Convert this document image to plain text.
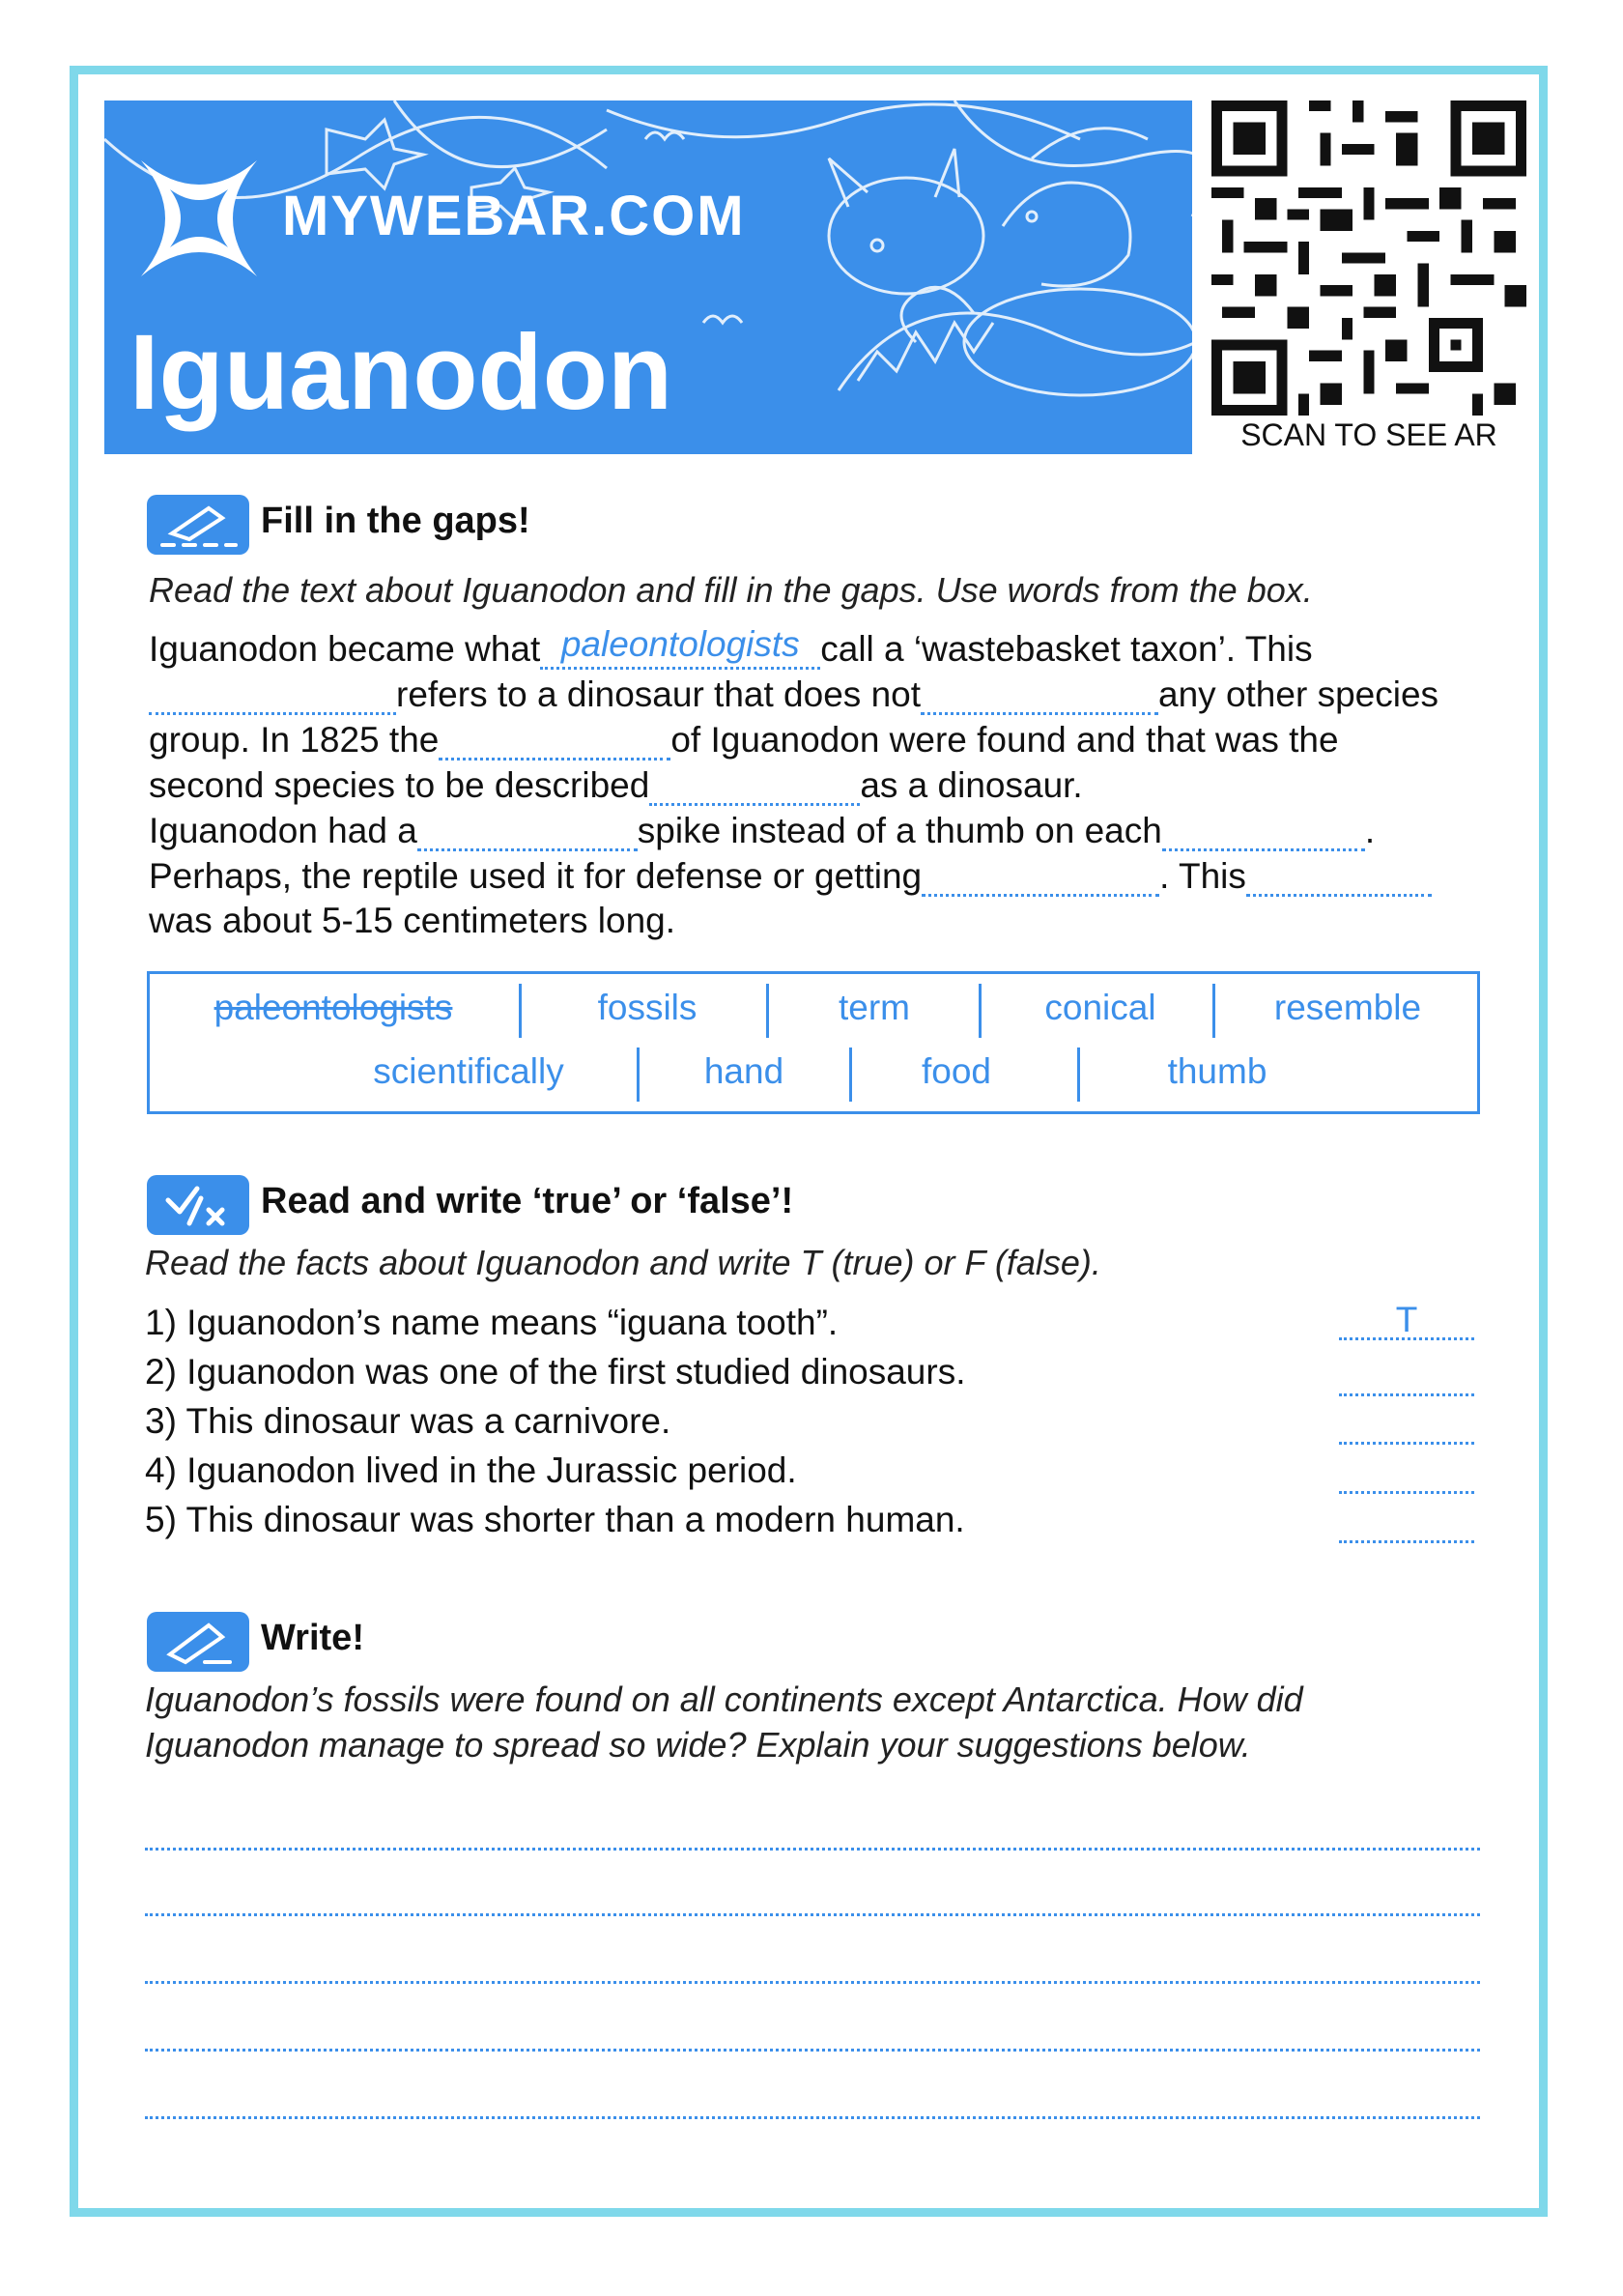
MYWEBAR.COM
Iguanodon
SCAN TO SEE AR
Fill in the gaps!
Read the text about Iguanodon and fill in the gaps. Use words from the box.
Iguanodon became what paleontologists call a ‘wastebasket taxon’. This
refers to a dinosaur that does not	any other species
group. In 1825 the	of Iguanodon were found and that was the
second species to be described	as a dinosaur.
Iguanodon had a	spike instead of a thumb on each	.
Perhaps, the reptile used it for defense or getting	. This
was about 5-15 centimeters long.
paleontologists	fossils	term	conical	resemble
scientifically	hand	food	thumb
Read and write ‘true’ or ‘false’!
Read the facts about Iguanodon and write T (true) or F (false).
1) Iguanodon’s name means “iguana tooth”.	T
2) Iguanodon was one of the first studied dinosaurs.
3) This dinosaur was a carnivore.
4) Iguanodon lived in the Jurassic period.
5) This dinosaur was shorter than a modern human.
Write!
Iguanodon’s fossils were found on all continents except Antarctica. How did
Iguanodon manage to spread so wide? Explain your suggestions below.
